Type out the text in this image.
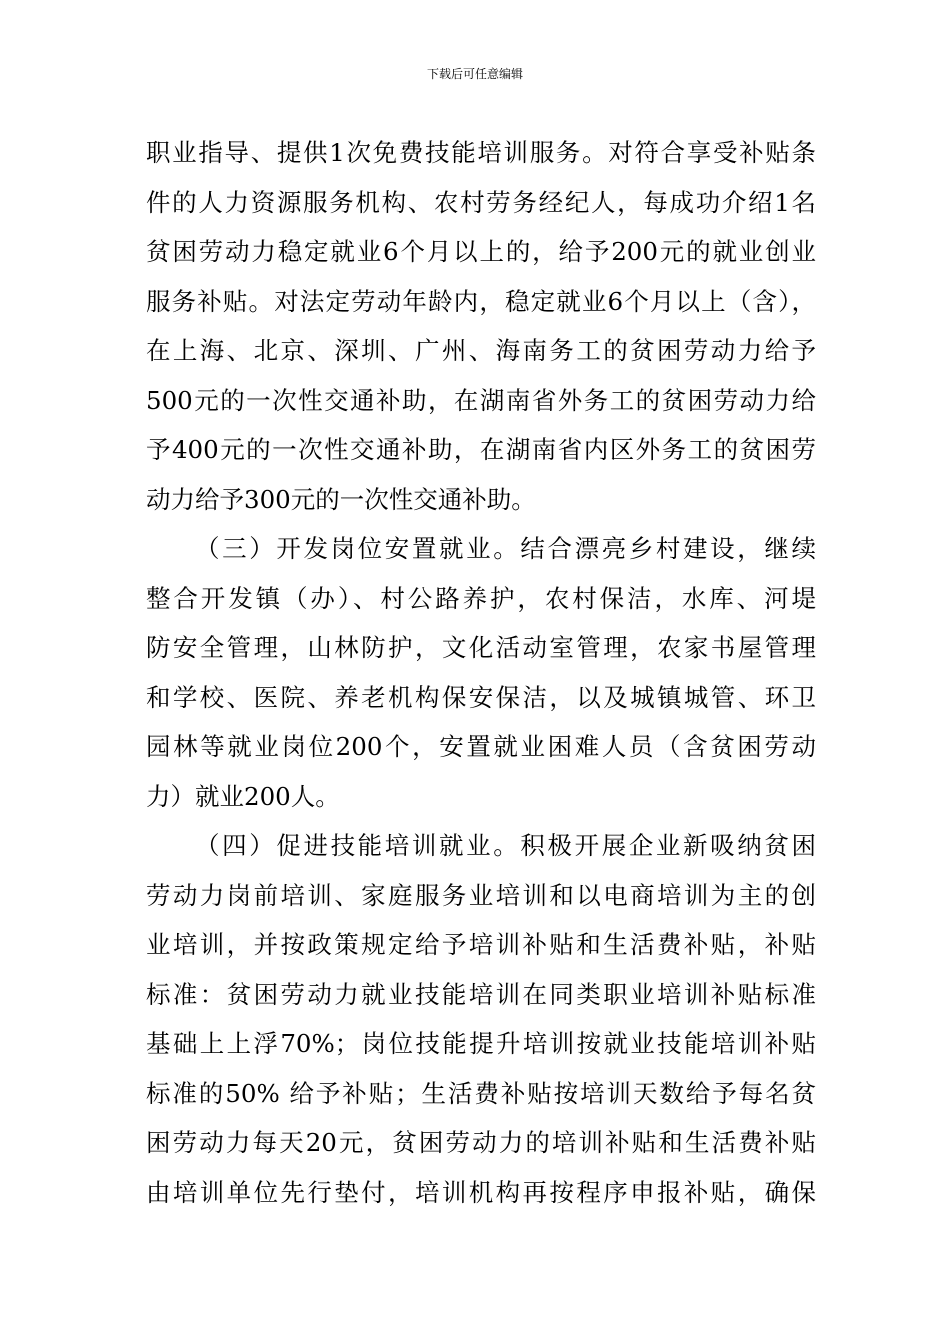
下载后可任意编辑
职业指导、提供1次免费技能培训服务。对符合享受补贴条
件的人力资源服务机构、农村劳务经纪人，每成功介绍1名
贫困劳动力稳定就业6个月以上的，给予200元的就业创业
服务补贴。对法定劳动年龄内，稳定就业6个月以上（含），
在上海、北京、深圳、广州、海南务工的贫困劳动力给予
500元的一次性交通补助，在湖南省外务工的贫困劳动力给
予400元的一次性交通补助，在湖南省内区外务工的贫困劳
动力给予300元的一次性交通补助。
（三）开发岗位安置就业。结合漂亮乡村建设，继续
整合开发镇（办）、村公路养护，农村保洁，水库、河堤
防安全管理，山林防护，文化活动室管理，农家书屋管理
和学校、医院、养老机构保安保洁，以及城镇城管、环卫
园林等就业岗位200个，安置就业困难人员（含贫困劳动
力）就业200人。
（四）促进技能培训就业。积极开展企业新吸纳贫困
劳动力岗前培训、家庭服务业培训和以电商培训为主的创
业培训，并按政策规定给予培训补贴和生活费补贴，补贴
标准：贫困劳动力就业技能培训在同类职业培训补贴标准
基础上上浮70%；岗位技能提升培训按就业技能培训补贴
标准的50% 给予补贴；生活费补贴按培训天数给予每名贫
困劳动力每天20元，贫困劳动力的培训补贴和生活费补贴
由培训单位先行垫付，培训机构再按程序申报补贴，确保
